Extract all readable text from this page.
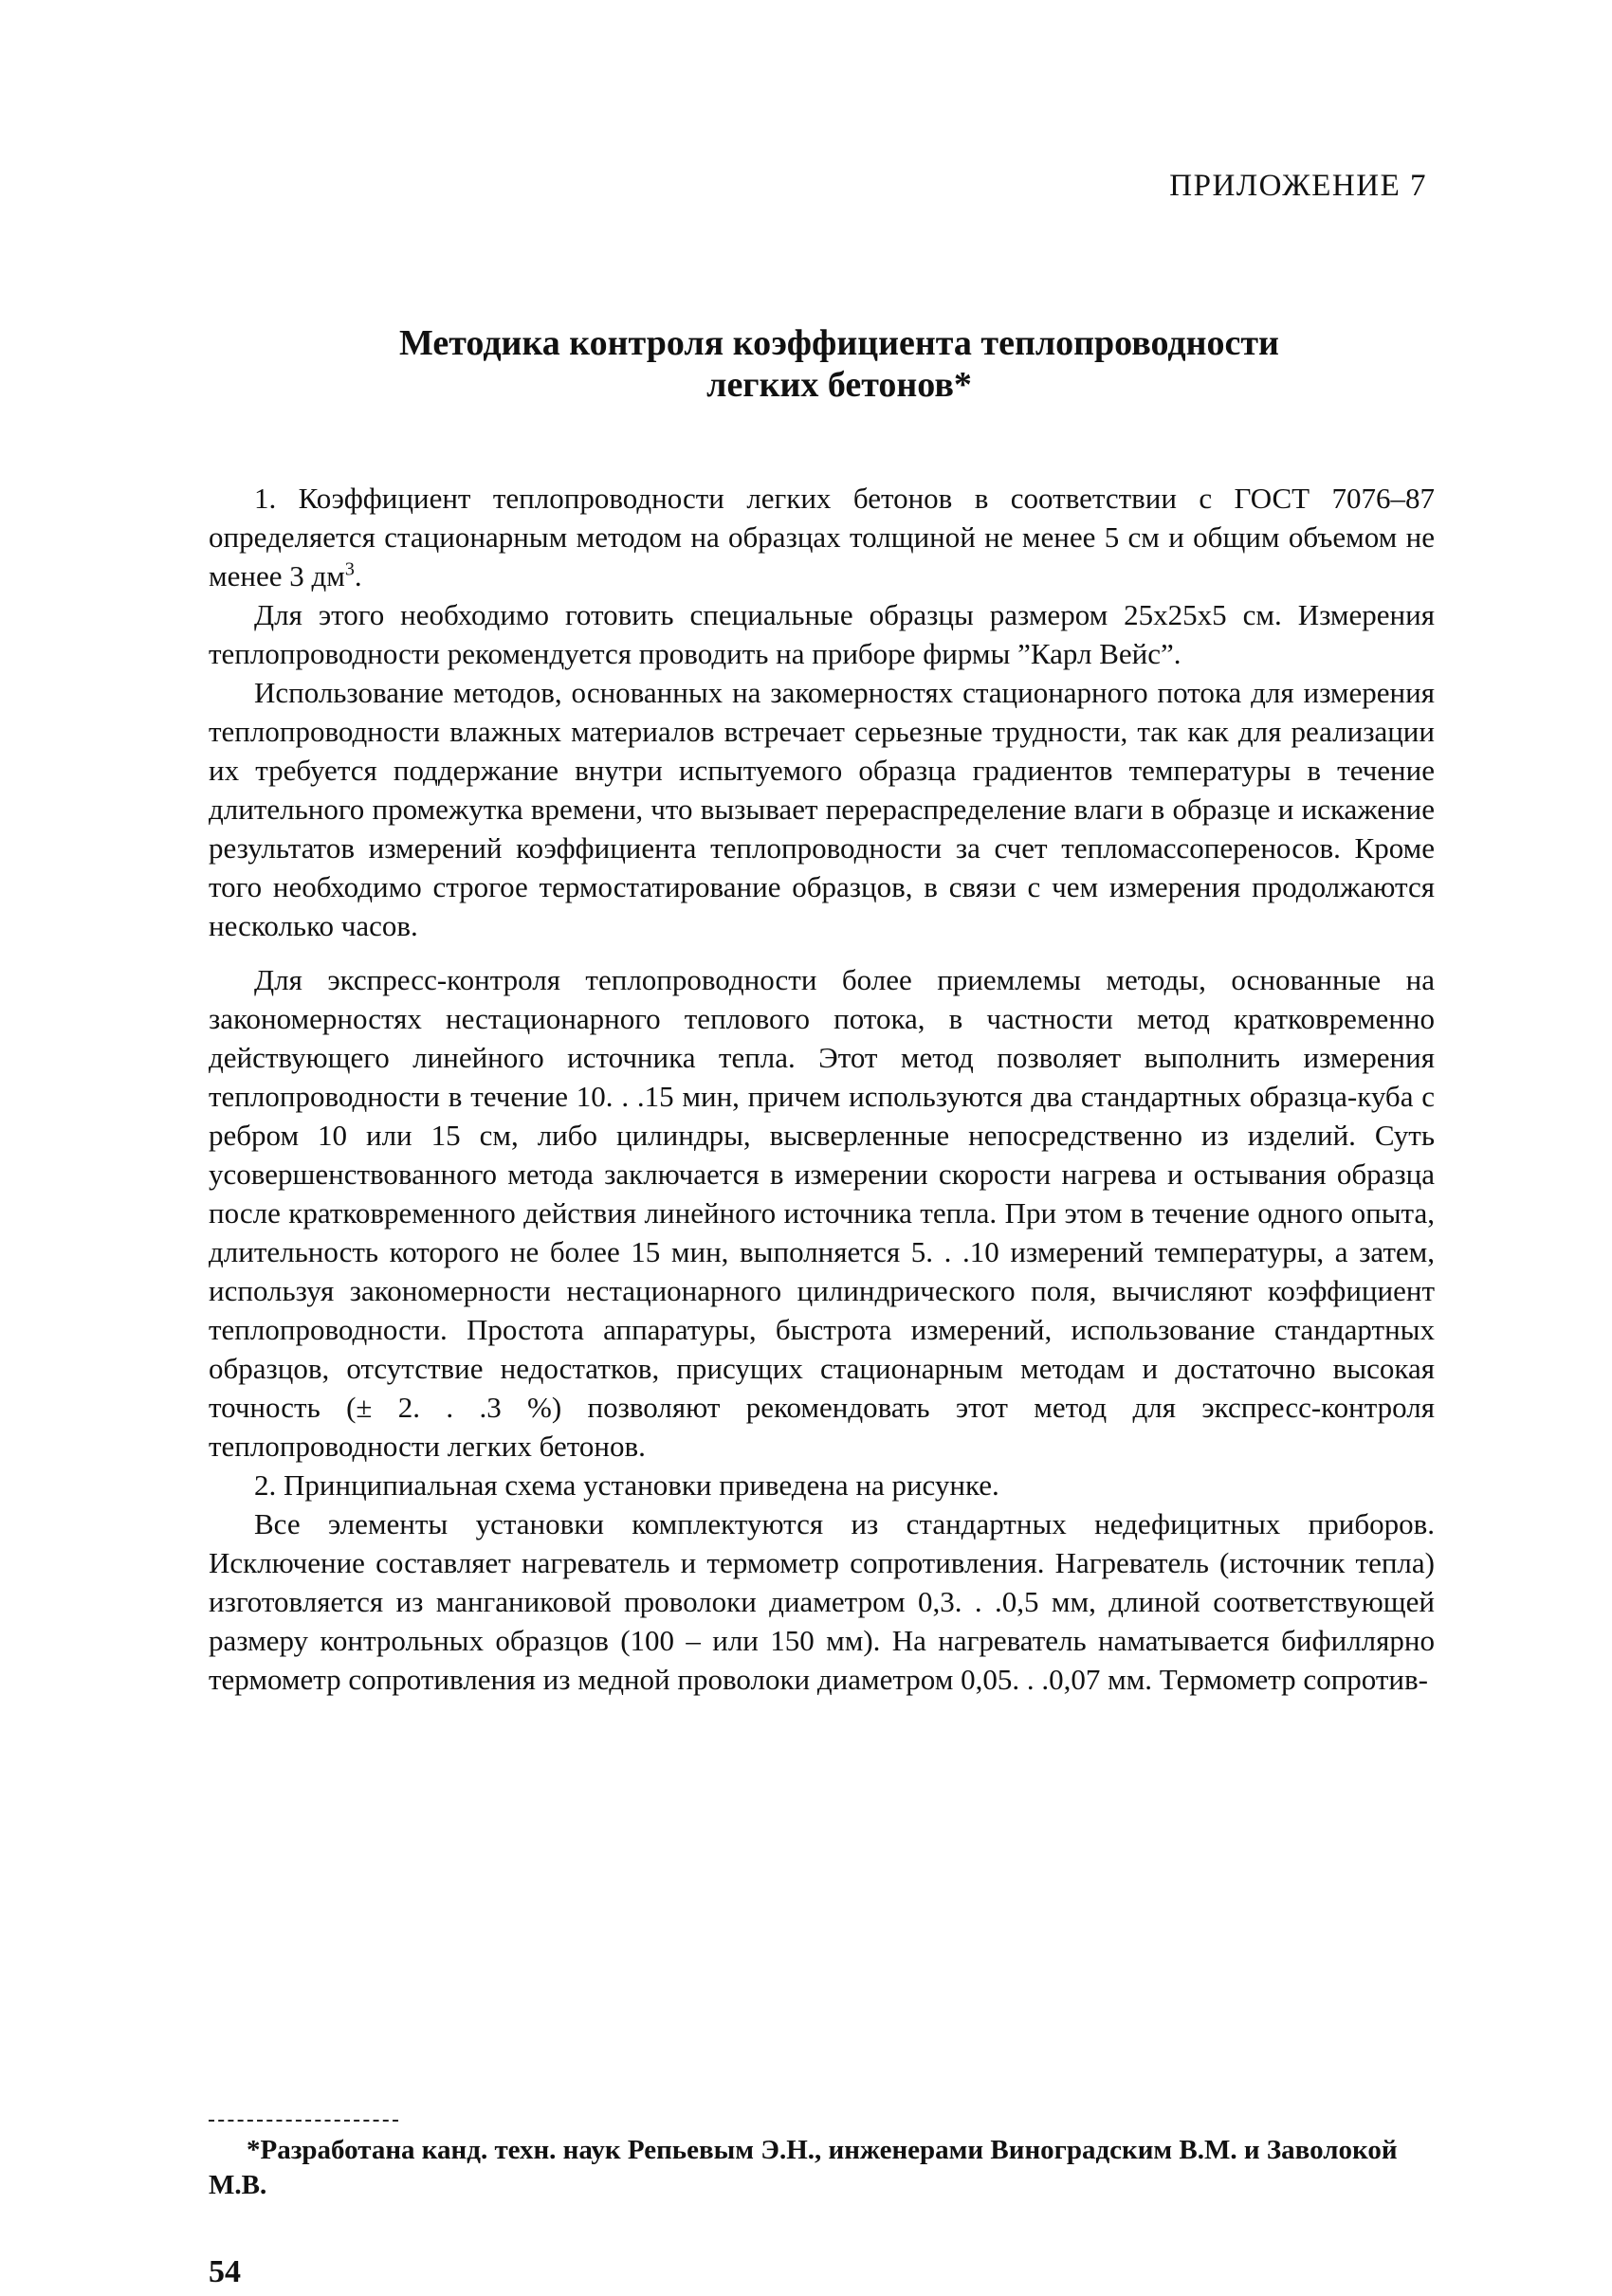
ПРИЛОЖЕНИЕ 7
Методика контроля коэффициента теплопроводности
легких бетонов*

1. Коэффициент теплопроводности легких бетонов в соответствии с ГОСТ 7076–87 определяется стационарным методом на образцах толщиной не менее 5 см и общим объемом не менее 3 $дм^3$.

Для этого необходимо готовить специальные образцы размером 25х25х5 см. Измерения теплопроводности рекомендуется проводить на приборе фирмы ”Карл Вейс”.

Использование методов, основанных на закомерностях стационарного потока для измерения теплопроводности влажных материалов встречает серьезные трудности, так как для реализации их требуется поддержание внутри испытуемого образца градиентов температуры в течение длительного промежутка времени, что вызывает перераспределение влаги в образце и искажение результатов измерений коэффициента теплопроводности за счет тепломассопереносов. Кроме того необходимо строгое термостатирование образцов, в связи с чем измерения продолжаются несколько часов.

Для экспресс-контроля теплопроводности более приемлемы методы, основанные на закономерностях нестационарного теплового потока, в частности метод кратковременно действующего линейного источника тепла. Этот метод позволяет выполнить измерения теплопроводности в течение 10. . .15 мин, причем используются два стандартных образца-куба с ребром 10 или 15 см, либо цилиндры, высверленные непосредственно из изделий. Суть усовершенствованного метода заключается в измерении скорости нагрева и остывания образца после кратковременного действия линейного источника тепла. При этом в течение одного опыта, длительность которого не более 15 мин, выполняется 5. . .10 измерений температуры, а затем, используя закономерности нестационарного цилиндрического поля, вычисляют коэффициент теплопроводности. Простота аппаратуры, быстрота измерений, использование стандартных образцов, отсутствие недостатков, присущих стационарным методам и достаточно высокая точность (± 2. . .3 %) позволяют рекомендовать этот метод для экспресс-контроля теплопроводности легких бетонов.

2. Принципиальная схема установки приведена на рисунке.

Все элементы установки комплектуются из стандартных недефицитных приборов. Исключение составляет нагреватель и термометр сопротивления. Нагреватель (источник тепла) изготовляется из манганиковой проволоки диаметром 0,3. . .0,5 мм, длиной соответствующей размеру контрольных образцов (100 – или 150 мм). На нагреватель наматывается бифиллярно термометр сопротивления из медной проволоки диаметром 0,05. . .0,07 мм. Термометр сопротив-

*Разработана канд. техн. наук Репьевым Э.Н., инженерами Виноградским В.М. и Заволокой М.В.

54
